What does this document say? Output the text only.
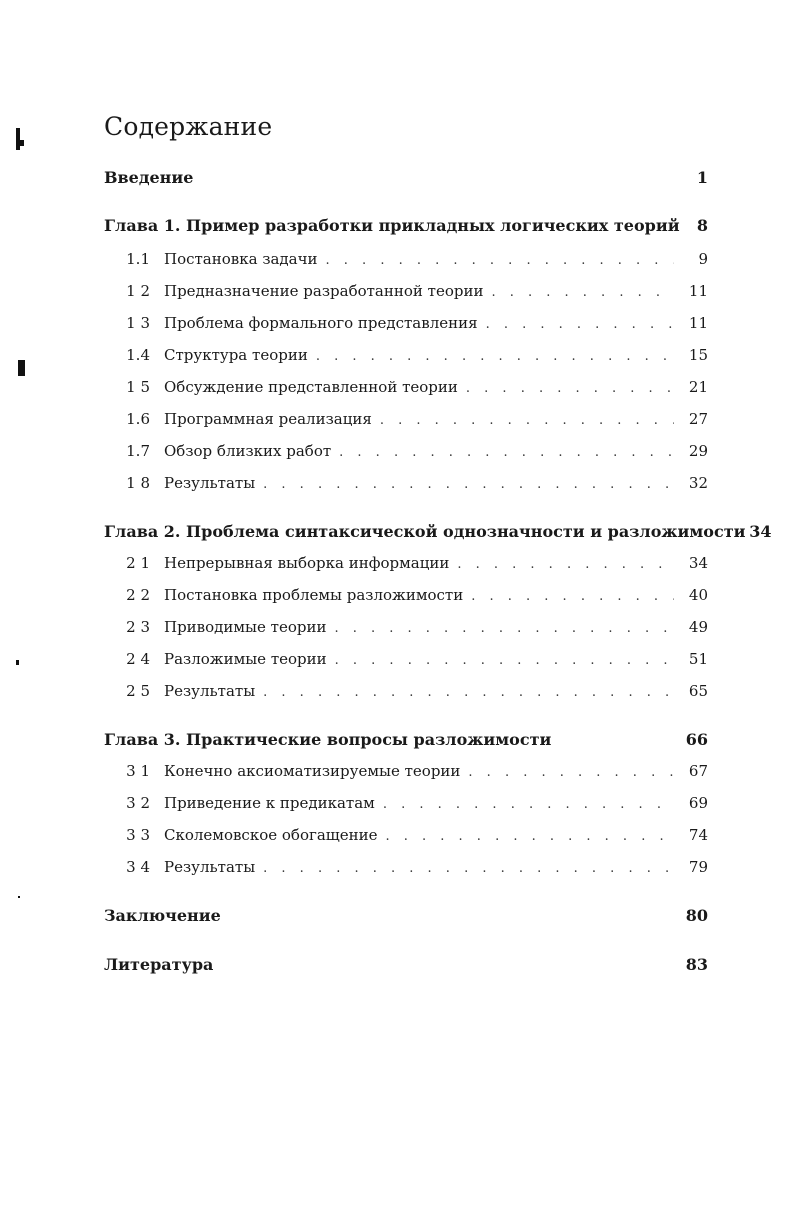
Содержание
Введение	1
Глава 1. Пример разработки прикладных логических теорий	8
1.1 Постановка задачи . . .	9
1 2 Предназначение разработанной теории . . .	11
1 3 Проблема формального представления . . .	11
1.4 Структура теории . . .	15
1 5 Обсуждение представленной теории . . .	21
1.6 Программная реализация . . .	27
1.7 Обзор близких работ . . .	29
1 8 Результаты . . .	32
Глава 2. Проблема синтаксической однозначности и разложимости 34
2 1 Непрерывная выборка информации . . .	34
2 2 Постановка проблемы разложимости . . .	40
2 3 Приводимые теории . . .	49
2 4 Разложимые теории . . .	51
2 5 Результаты . . .	65
Глава 3. Практические вопросы разложимости	66
3 1 Конечно аксиоматизируемые теории . . .	67
3 2 Приведение к предикатам . . .	69
3 3 Сколемовское обогащение . . .	74
3 4 Результаты . . .	79
Заключение	80
Литература	83
